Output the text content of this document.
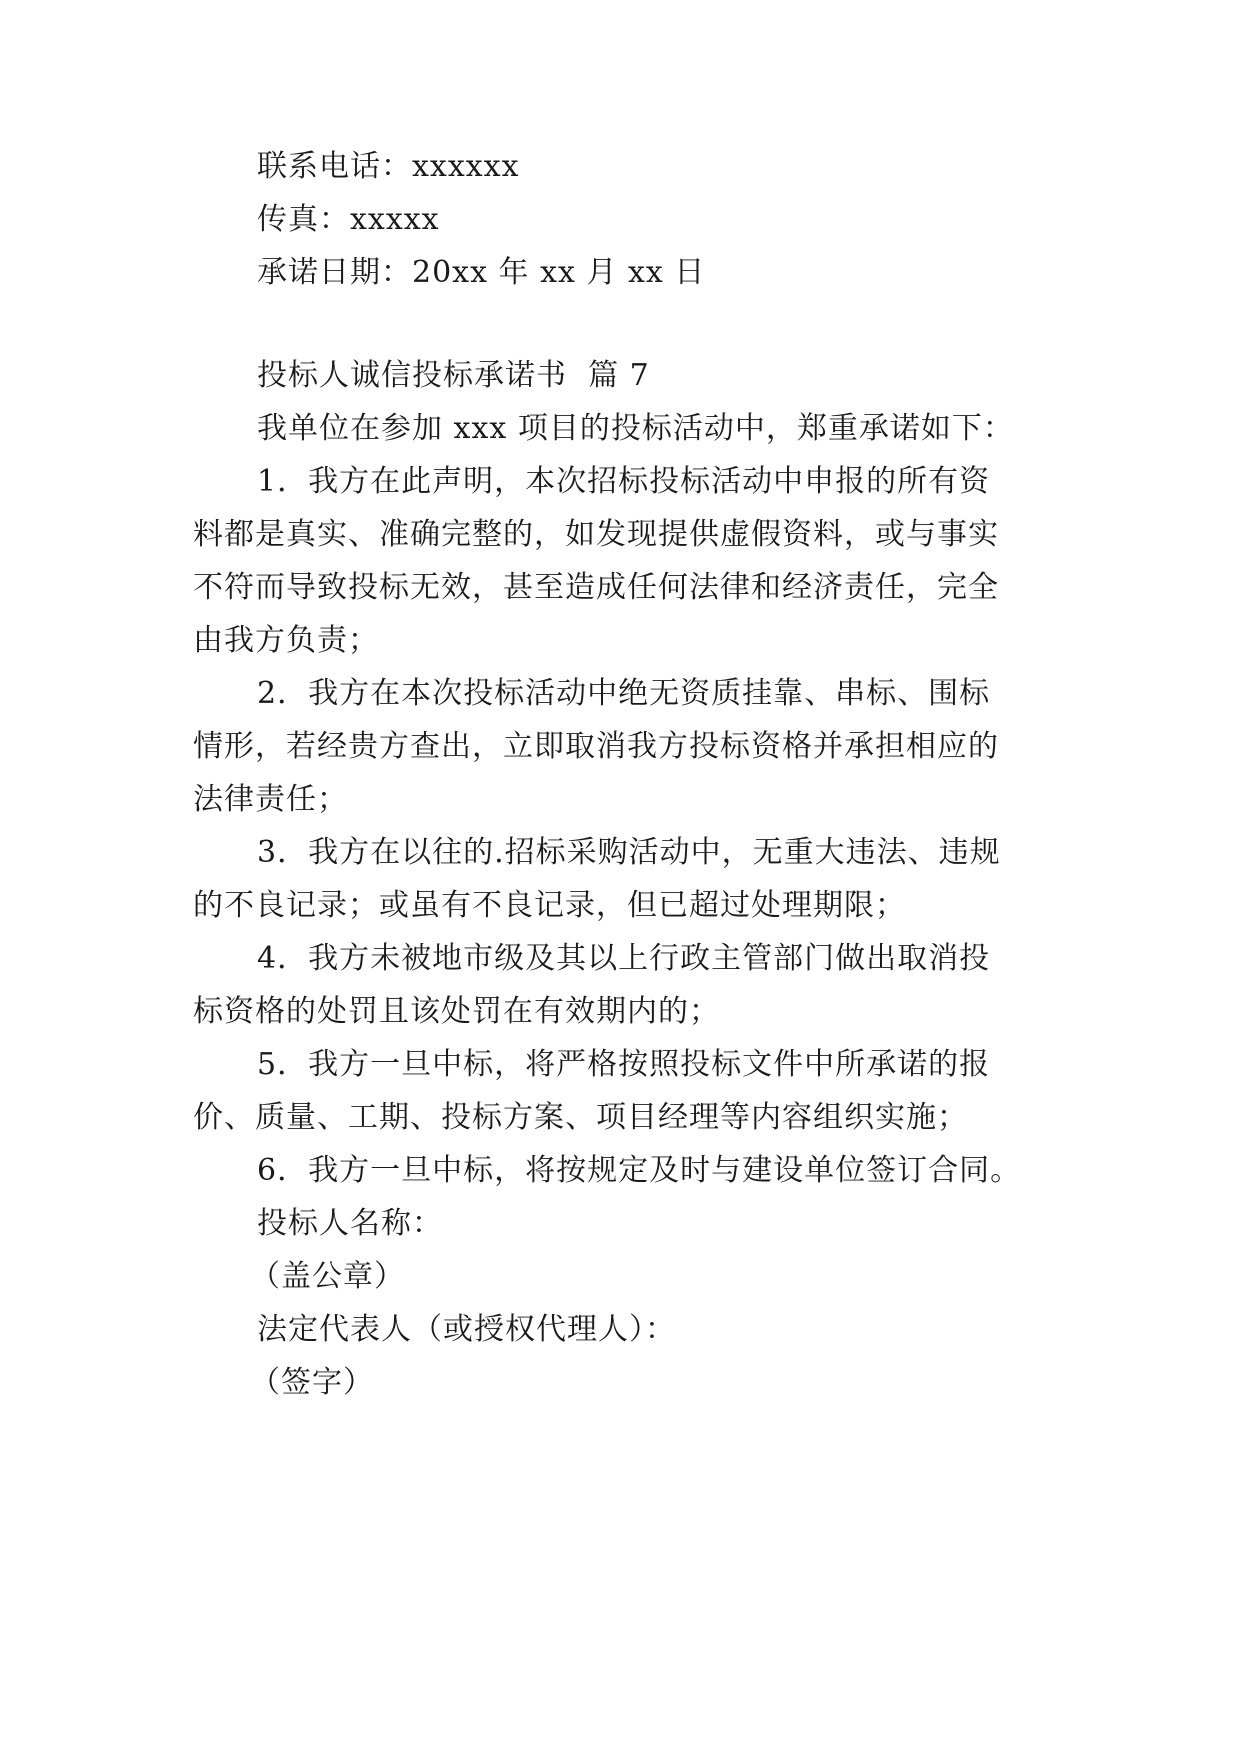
联系电话：xxxxxx
传真：xxxxx
承诺日期：20xx 年 xx 月 xx 日
投标人诚信投标承诺书  篇 7
我单位在参加 xxx 项目的投标活动中，郑重承诺如下：
1．我方在此声明，本次招标投标活动中申报的所有资
料都是真实、准确完整的，如发现提供虚假资料，或与事实
不符而导致投标无效，甚至造成任何法律和经济责任，完全
由我方负责；
2．我方在本次投标活动中绝无资质挂靠、串标、围标
情形，若经贵方查出，立即取消我方投标资格并承担相应的
法律责任；
3．我方在以往的.招标采购活动中，无重大违法、违规
的不良记录；或虽有不良记录，但已超过处理期限；
4．我方未被地市级及其以上行政主管部门做出取消投
标资格的处罚且该处罚在有效期内的；
5．我方一旦中标，将严格按照投标文件中所承诺的报
价、质量、工期、投标方案、项目经理等内容组织实施；
6．我方一旦中标，将按规定及时与建设单位签订合同。
投标人名称：
（盖公章）
法定代表人（或授权代理人）：
（签字）
